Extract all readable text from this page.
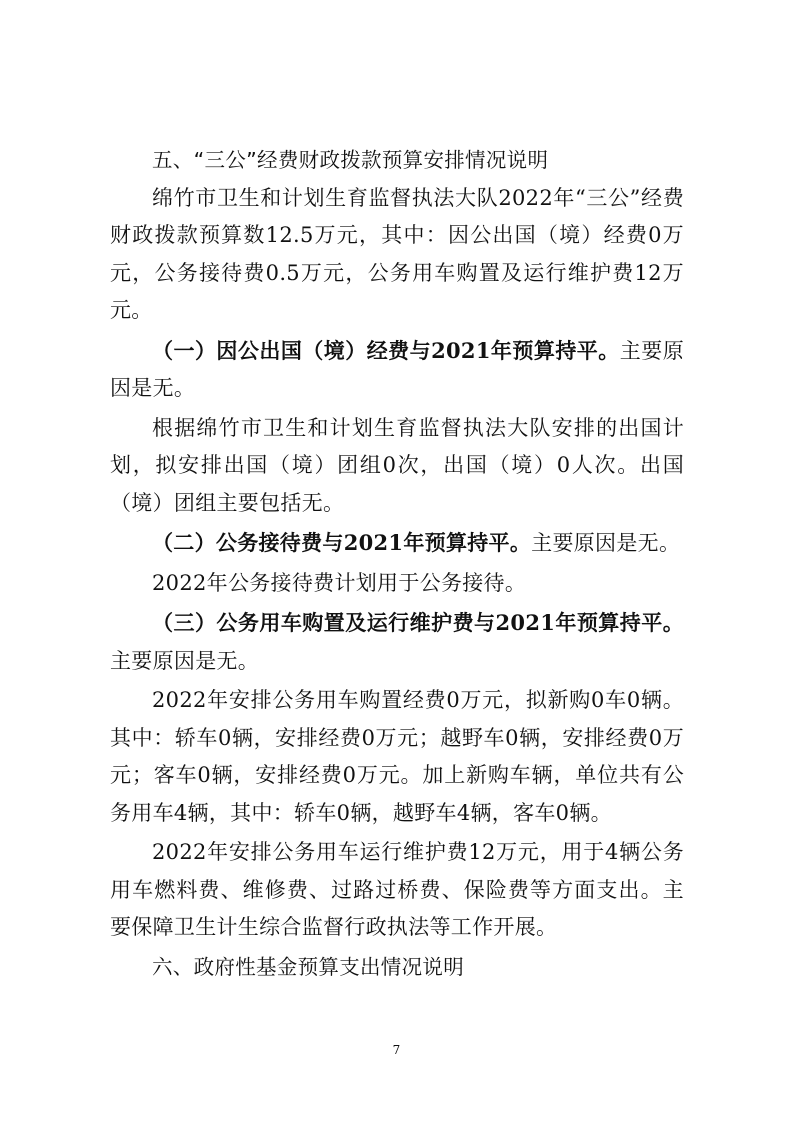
五、“三公”经费财政拨款预算安排情况说明

绵竹市卫生和计划生育监督执法大队2022年“三公”经费财政拨款预算数12.5万元，其中：因公出国（境）经费0万元，公务接待费0.5万元，公务用车购置及运行维护费12万元。

（一）因公出国（境）经费与2021年预算持平。主要原因是无。

根据绵竹市卫生和计划生育监督执法大队安排的出国计划，拟安排出国（境）团组0次，出国（境）0人次。出国（境）团组主要包括无。

（二）公务接待费与2021年预算持平。主要原因是无。

2022年公务接待费计划用于公务接待。

（三）公务用车购置及运行维护费与2021年预算持平。主要原因是无。

2022年安排公务用车购置经费0万元，拟新购0车0辆。其中：轿车0辆，安排经费0万元；越野车0辆，安排经费0万元；客车0辆，安排经费0万元。加上新购车辆，单位共有公务用车4辆，其中：轿车0辆，越野车4辆，客车0辆。

2022年安排公务用车运行维护费12万元，用于4辆公务用车燃料费、维修费、过路过桥费、保险费等方面支出。主要保障卫生计生综合监督行政执法等工作开展。

六、政府性基金预算支出情况说明

7
